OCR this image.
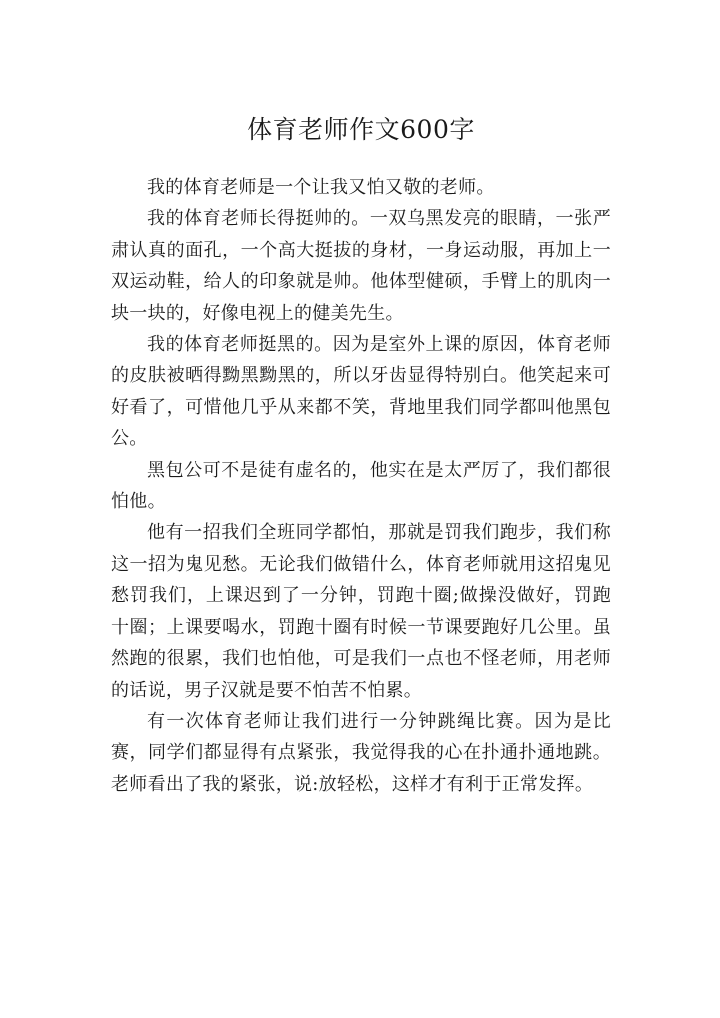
体育老师作文600字

我的体育老师是一个让我又怕又敬的老师。

我的体育老师长得挺帅的。一双乌黑发亮的眼睛，一张严肃认真的面孔，一个高大挺拔的身材，一身运动服，再加上一双运动鞋，给人的印象就是帅。他体型健硕，手臂上的肌肉一块一块的，好像电视上的健美先生。

我的体育老师挺黑的。因为是室外上课的原因，体育老师的皮肤被晒得黝黑黝黑的，所以牙齿显得特别白。他笑起来可好看了，可惜他几乎从来都不笑，背地里我们同学都叫他黑包公。

黑包公可不是徒有虚名的，他实在是太严厉了，我们都很怕他。

他有一招我们全班同学都怕，那就是罚我们跑步，我们称这一招为鬼见愁。无论我们做错什么，体育老师就用这招鬼见愁罚我们，上课迟到了一分钟，罚跑十圈;做操没做好，罚跑十圈；上课要喝水，罚跑十圈有时候一节课要跑好几公里。虽然跑的很累，我们也怕他，可是我们一点也不怪老师，用老师的话说，男子汉就是要不怕苦不怕累。

有一次体育老师让我们进行一分钟跳绳比赛。因为是比赛，同学们都显得有点紧张，我觉得我的心在扑通扑通地跳。老师看出了我的紧张，说:放轻松，这样才有利于正常发挥。
